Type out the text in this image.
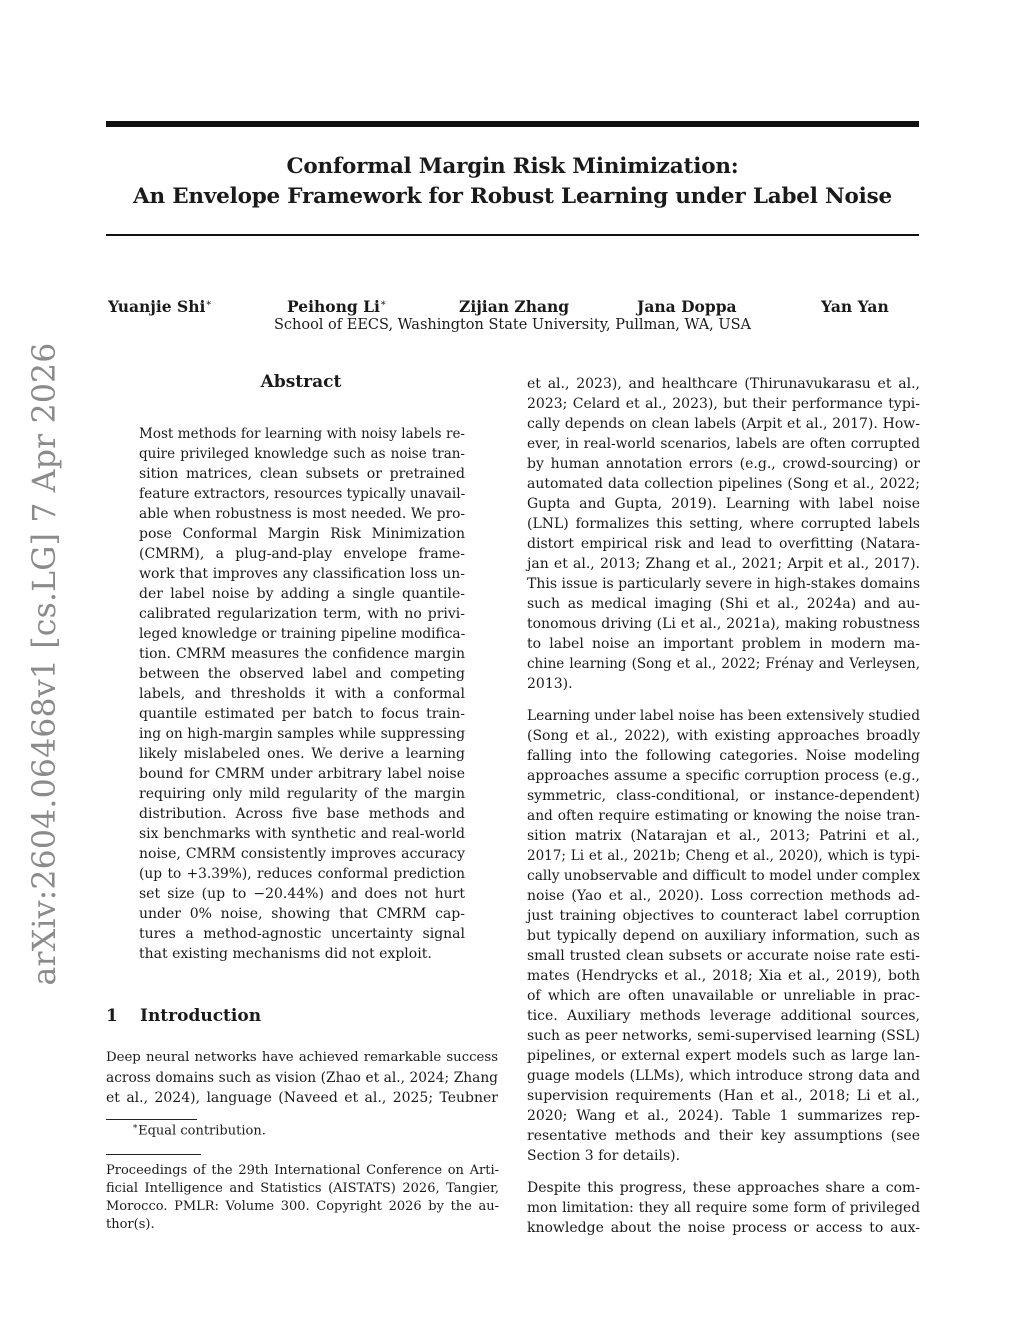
Conformal Margin Risk Minimization:
An Envelope Framework for Robust Learning under Label Noise
Yuanjie Shi∗	Peihong Li∗	Zijian Zhang	Jana Doppa	Yan Yan
School of EECS, Washington State University, Pullman, WA, USA
arXiv:2604.06468v1 [cs.LG] 7 Apr 2026	Abstract
Most methods for learning with noisy labels re-
quire privileged knowledge such as noise tran-
sition matrices, clean subsets or pretrained
feature extractors, resources typically unavail-
able when robustness is most needed. We pro-
pose Conformal Margin Risk Minimization
(CMRM), a plug-and-play envelope frame-
work that improves any classification loss un-
der label noise by adding a single quantile-
calibrated regularization term, with no privi-
leged knowledge or training pipeline modifica-
tion. CMRM measures the confidence margin
between the observed label and competing
labels, and thresholds it with a conformal
quantile estimated per batch to focus train-
ing on high-margin samples while suppressing
likely mislabeled ones. We derive a learning
bound for CMRM under arbitrary label noise
requiring only mild regularity of the margin
distribution. Across five base methods and
six benchmarks with synthetic and real-world
noise, CMRM consistently improves accuracy
(up to +3.39%), reduces conformal prediction
set size (up to −20.44%) and does not hurt
under 0% noise, showing that CMRM cap-
tures a method-agnostic uncertainty signal
that existing mechanisms did not exploit.
1 Introduction
Deep neural networks have achieved remarkable success
across domains such as vision (Zhao et al., 2024; Zhang
et al., 2024), language (Naveed et al., 2025; Teubner
∗Equal contribution.
Proceedings of the 29th International Conference on Arti-
ficial Intelligence and Statistics (AISTATS) 2026, Tangier,
Morocco. PMLR: Volume 300. Copyright 2026 by the au-
thor(s).
et al., 2023), and healthcare (Thirunavukarasu et al.,
2023; Celard et al., 2023), but their performance typi-
cally depends on clean labels (Arpit et al., 2017). How-
ever, in real-world scenarios, labels are often corrupted
by human annotation errors (e.g., crowd-sourcing) or
automated data collection pipelines (Song et al., 2022;
Gupta and Gupta, 2019). Learning with label noise
(LNL) formalizes this setting, where corrupted labels
distort empirical risk and lead to overfitting (Natara-
jan et al., 2013; Zhang et al., 2021; Arpit et al., 2017).
This issue is particularly severe in high-stakes domains
such as medical imaging (Shi et al., 2024a) and au-
tonomous driving (Li et al., 2021a), making robustness
to label noise an important problem in modern ma-
chine learning (Song et al., 2022; Frénay and Verleysen,
2013).
Learning under label noise has been extensively studied
(Song et al., 2022), with existing approaches broadly
falling into the following categories. Noise modeling
approaches assume a specific corruption process (e.g.,
symmetric, class-conditional, or instance-dependent)
and often require estimating or knowing the noise tran-
sition matrix (Natarajan et al., 2013; Patrini et al.,
2017; Li et al., 2021b; Cheng et al., 2020), which is typi-
cally unobservable and difficult to model under complex
noise (Yao et al., 2020). Loss correction methods ad-
just training objectives to counteract label corruption
but typically depend on auxiliary information, such as
small trusted clean subsets or accurate noise rate esti-
mates (Hendrycks et al., 2018; Xia et al., 2019), both
of which are often unavailable or unreliable in prac-
tice. Auxiliary methods leverage additional sources,
such as peer networks, semi-supervised learning (SSL)
pipelines, or external expert models such as large lan-
guage models (LLMs), which introduce strong data and
supervision requirements (Han et al., 2018; Li et al.,
2020; Wang et al., 2024). Table 1 summarizes rep-
resentative methods and their key assumptions (see
Section 3 for details).
Despite this progress, these approaches share a com-
mon limitation: they all require some form of privileged
knowledge about the noise process or access to aux-
